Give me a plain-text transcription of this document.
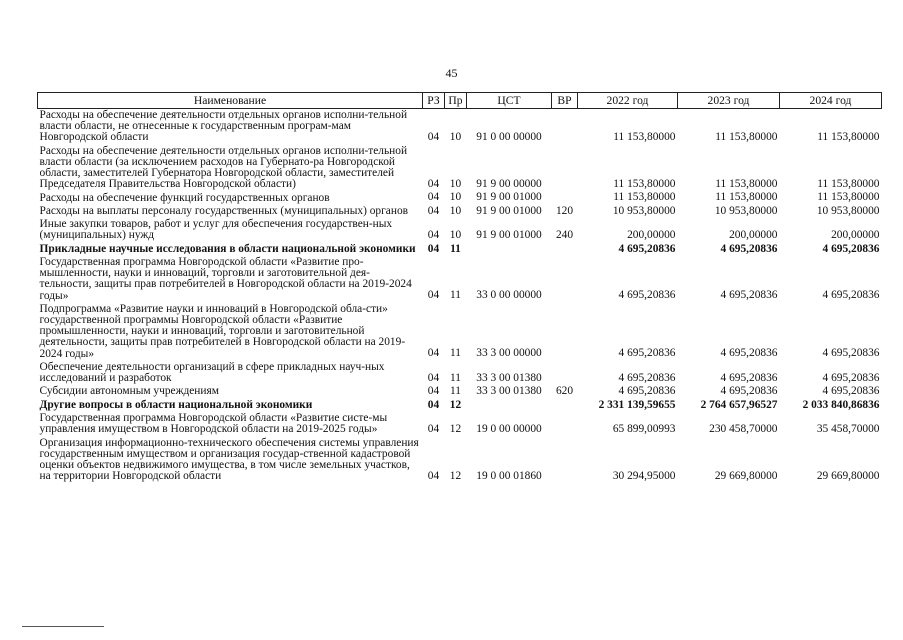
45
Наименование	РЗ	Пр	ЦСТ	ВР	2022 год	2023 год	2024 год
Расходы на обеспечение деятельности отдельных органов исполни-тельной власти области, не отнесенные к государственным програм-мам Новгородской области	04	10	91 0 00 00000		11 153,80000	11 153,80000	11 153,80000
Расходы на обеспечение деятельности отдельных органов исполни-тельной власти области (за исключением расходов на Губернато-ра Новгородской области, заместителей Губернатора Новгородской области, заместителей Председателя Правительства Новгородской области)	04	10	91 9 00 00000		11 153,80000	11 153,80000	11 153,80000
Расходы на обеспечение функций государственных органов	04	10	91 9 00 01000		11 153,80000	11 153,80000	11 153,80000
Расходы на выплаты персоналу государственных (муниципальных) органов	04	10	91 9 00 01000	120	10 953,80000	10 953,80000	10 953,80000
Иные закупки товаров, работ и услуг для обеспечения государствен-ных (муниципальных) нужд	04	10	91 9 00 01000	240	200,00000	200,00000	200,00000
Прикладные научные исследования в области национальной экономики	04	11			4 695,20836	4 695,20836	4 695,20836
Государственная программа Новгородской области «Развитие про-мышленности, науки и инноваций, торговли и заготовительной дея-тельности, защиты прав потребителей в Новгородской области на 2019-2024 годы»	04	11	33 0 00 00000		4 695,20836	4 695,20836	4 695,20836
Подпрограмма «Развитие науки и инноваций в Новгородской обла-сти» государственной программы Новгородской области «Развитие промышленности, науки и инноваций, торговли и заготовительной деятельности, защиты прав потребителей в Новгородской области на 2019-2024 годы»	04	11	33 3 00 00000		4 695,20836	4 695,20836	4 695,20836
Обеспечение деятельности организаций в сфере прикладных науч-ных исследований и разработок	04	11	33 3 00 01380		4 695,20836	4 695,20836	4 695,20836
Субсидии автономным учреждениям	04	11	33 3 00 01380	620	4 695,20836	4 695,20836	4 695,20836
Другие вопросы в области национальной экономики	04	12			2 331 139,59655	2 764 657,96527	2 033 840,86836
Государственная программа Новгородской области «Развитие систе-мы управления имуществом в Новгородской области на 2019-2025 годы»	04	12	19 0 00 00000		65 899,00993	230 458,70000	35 458,70000
Организация информационно-технического обеспечения системы управления государственным имуществом и организация государ-ственной кадастровой оценки объектов недвижимого имущества, в том числе земельных участков, на территории Новгородской области	04	12	19 0 00 01860		30 294,95000	29 669,80000	29 669,80000
